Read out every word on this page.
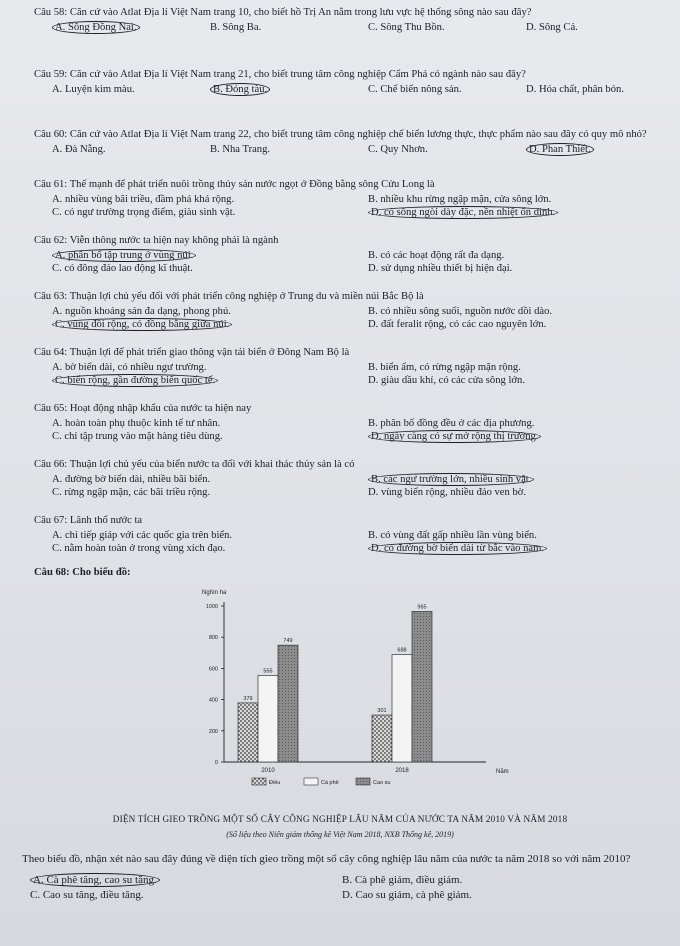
Câu 58: Căn cứ vào Atlat Địa lí Việt Nam trang 10, cho biết hồ Trị An nằm trong lưu vực hệ thống sông nào sau đây?
A. Sông Đồng Nai.	B. Sông Ba.	C. Sông Thu Bồn.	D. Sông Cả.
Câu 59: Căn cứ vào Atlat Địa lí Việt Nam trang 21, cho biết trung tâm công nghiệp Cẩm Phả có ngành nào sau đây?
A. Luyện kim màu.	B. Đóng tàu.	C. Chế biến nông sản.	D. Hóa chất, phân bón.
Câu 60: Căn cứ vào Atlat Địa lí Việt Nam trang 22, cho biết trung tâm công nghiệp chế biến lương thực, thực phẩm nào sau đây có quy mô nhỏ?
A. Đà Nẵng.	B. Nha Trang.	C. Quy Nhơn.	D. Phan Thiết.
Câu 61: Thế mạnh để phát triển nuôi trồng thủy sản nước ngọt ở Đồng bằng sông Cửu Long là
A. nhiều vùng bãi triều, đầm phá khá rộng.	B. nhiều khu rừng ngập mặn, cửa sông lớn.
C. có ngư trường trọng điểm, giàu sinh vật.	D. có sông ngòi dày đặc, nền nhiệt ổn định.
Câu 62: Viễn thông nước ta hiện nay không phải là ngành
A. phân bổ tập trung ở vùng núi.	B. có các hoạt động rất đa dạng.
C. có đông đảo lao động kĩ thuật.	D. sử dụng nhiều thiết bị hiện đại.
Câu 63: Thuận lợi chủ yếu đối với phát triển công nghiệp ở Trung du và miền núi Bắc Bộ là
A. nguồn khoáng sản đa dạng, phong phú.	B. có nhiều sông suối, nguồn nước dồi dào.
C. vùng đồi rộng, có đồng bằng giữa núi.	D. đất feralit rộng, có các cao nguyên lớn.
Câu 64: Thuận lợi để phát triển giao thông vận tải biển ở Đông Nam Bộ là
A. bờ biển dài, có nhiều ngư trường.	B. biển ấm, có rừng ngập mặn rộng.
C. biển rộng, gần đường biển quốc tế.	D. giàu dầu khí, có các cửa sông lớn.
Câu 65: Hoạt động nhập khẩu của nước ta hiện nay
A. hoàn toàn phụ thuộc kinh tế tư nhân.	B. phân bố đồng đều ở các địa phương.
C. chỉ tập trung vào mặt hàng tiêu dùng.	D. ngày càng có sự mở rộng thị trường.
Câu 66: Thuận lợi chủ yếu của biển nước ta đối với khai thác thủy sản là có
A. đường bờ biển dài, nhiều bãi biển.	B. các ngư trường lớn, nhiều sinh vật.
C. rừng ngập mặn, các bãi triều rộng.	D. vùng biển rộng, nhiều đảo ven bờ.
Câu 67: Lãnh thổ nước ta
A. chỉ tiếp giáp với các quốc gia trên biển.	B. có vùng đất gấp nhiều lần vùng biển.
C. nằm hoàn toàn ở trong vùng xích đạo.	D. có đường bờ biển dài từ bắc vào nam.
Câu 68: Cho biểu đồ:
Nghìn ha
0
200
400
600
800
1000
Năm
379
555
749
2010
301
688
965
2018
Điều	Cà phê	Cao su
DIỆN TÍCH GIEO TRỒNG MỘT SỐ CÂY CÔNG NGHIỆP LÂU NĂM CỦA NƯỚC TA NĂM 2010 VÀ NĂM 2018
(Số liệu theo Niên giám thống kê Việt Nam 2018, NXB Thống kê, 2019)
Theo biểu đồ, nhận xét nào sau đây đúng về diện tích gieo trồng một số cây công nghiệp lâu năm của nước ta năm 2018 so với năm 2010?
A. Cà phê tăng, cao su tăng.	B. Cà phê giảm, điều giảm.
C. Cao su tăng, điều tăng.	D. Cao su giảm, cà phê giảm.
